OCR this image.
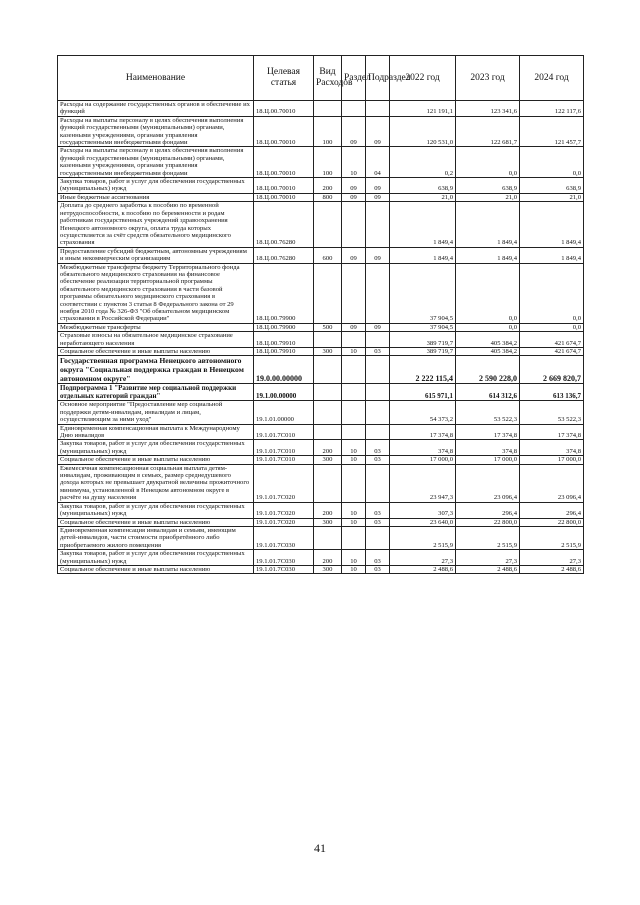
Наименование	Целевая статья	Вид Расходов	Раздел	Подраздел	2022 год	2023 год	2024 год
Расходы на содержание государственных органов и обеспечение их функций	18.Ц.00.70010				121 191,1	123 341,6	122 117,6
Расходы на выплаты персоналу в целях обеспечения выполнения функций государственными (муниципальными) органами, казенными учреждениями, органами управления государственными внебюджетными фондами	18.Ц.00.70010	100	09	09	120 531,0	122 681,7	121 457,7
Расходы на выплаты персоналу в целях обеспечения выполнения функций государственными (муниципальными) органами, казенными учреждениями, органами управления государственными внебюджетными фондами	18.Ц.00.70010	100	10	04	0,2	0,0	0,0
Закупка товаров, работ и услуг для обеспечения государственных (муниципальных) нужд	18.Ц.00.70010	200	09	09	638,9	638,9	638,9
Иные бюджетные ассигнования	18.Ц.00.70010	800	09	09	21,0	21,0	21,0
Доплата до среднего заработка к пособию по временной нетрудоспособности, к пособию по беременности и родам работникам государственных учреждений здравоохранения Ненецкого автономного округа, оплата труда которых осуществляется за счёт средств обязательного медицинского страхования	18.Ц.00.76280				1 849,4	1 849,4	1 849,4
Предоставление субсидий бюджетным, автономным учреждениям и иным некоммерческим организациям	18.Ц.00.76280	600	09	09	1 849,4	1 849,4	1 849,4
Межбюджетные трансферты бюджету Территориального фонда обязательного медицинского страхования на финансовое обеспечение реализации территориальной программы обязательного медицинского страхования в части базовой программы обязательного медицинского страхования в соответствии с пунктом 3 статьи 8 Федерального закона от 29 ноября 2010 года № 326-ФЗ "Об обязательном медицинском страховании в Российской Федерации"	18.Ц.00.79900				37 904,5	0,0	0,0
Межбюджетные трансферты	18.Ц.00.79900	500	09	09	37 904,5	0,0	0,0
Страховые взносы на обязательное медицинское страхование неработающего населения	18.Ц.00.79910				389 719,7	405 384,2	421 674,7
Социальное обеспечение и иные выплаты населению	18.Ц.00.79910	300	10	03	389 719,7	405 384,2	421 674,7
Государственная программа Ненецкого автономного округа "Социальная поддержка граждан в Ненецком автономном округе"	19.0.00.00000				2 222 115,4	2 590 228,0	2 669 820,7
Подпрограмма 1 "Развитие мер социальной поддержки отдельных категорий граждан"	19.1.00.00000				615 971,1	614 312,6	613 136,7
Основное мероприятие "Предоставление мер социальной поддержки детям-инвалидам, инвалидам и лицам, осуществляющим за ними уход"	19.1.01.00000				54 373,2	53 522,3	53 522,3
Единовременная компенсационная выплата к Международному Дню инвалидов	19.1.01.7С010				17 374,8	17 374,8	17 374,8
Закупка товаров, работ и услуг для обеспечения государственных (муниципальных) нужд	19.1.01.7С010	200	10	03	374,8	374,8	374,8
Социальное обеспечение и иные выплаты населению	19.1.01.7С010	300	10	03	17 000,0	17 000,0	17 000,0
Ежемесячная компенсационная социальная выплата детям-инвалидам, проживающим в семьях, размер среднедушевого дохода которых не превышает двукратной величины прожиточного минимума, установленной в Ненецком автономном округе в расчёте на душу населения	19.1.01.7С020				23 947,3	23 096,4	23 096,4
Закупка товаров, работ и услуг для обеспечения государственных (муниципальных) нужд	19.1.01.7С020	200	10	03	307,3	296,4	296,4
Социальное обеспечение и иные выплаты населению	19.1.01.7С020	300	10	03	23 640,0	22 800,0	22 800,0
Единовременная компенсация инвалидам и семьям, имеющим детей-инвалидов, части стоимости приобретённого либо приобретаемого жилого помещения	19.1.01.7С030				2 515,9	2 515,9	2 515,9
Закупка товаров, работ и услуг для обеспечения государственных (муниципальных) нужд	19.1.01.7С030	200	10	03	27,3	27,3	27,3
Социальное обеспечение и иные выплаты населению	19.1.01.7С030	300	10	03	2 488,6	2 488,6	2 488,6
41
